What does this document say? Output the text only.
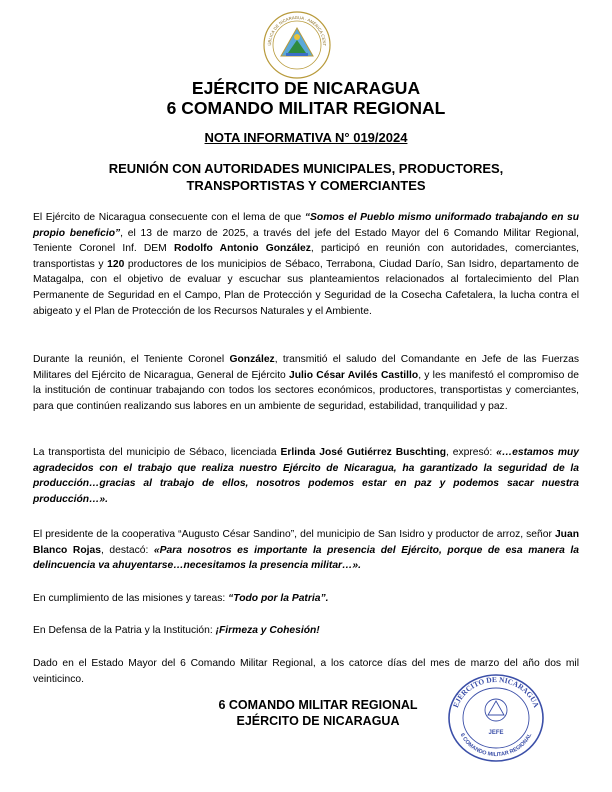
ÚBLICA DE NICARAGUA · AMÉRICA CENT
EJÉRCITO DE NICARAGUA
6 COMANDO MILITAR REGIONAL
NOTA INFORMATIVA N° 019/2024
REUNIÓN CON AUTORIDADES MUNICIPALES, PRODUCTORES, TRANSPORTISTAS Y COMERCIANTES
El Ejército de Nicaragua consecuente con el lema de que “Somos el Pueblo mismo uniformado trabajando en su propio beneficio”, el 13 de marzo de 2025, a través del jefe del Estado Mayor del 6 Comando Militar Regional, Teniente Coronel Inf. DEM Rodolfo Antonio González, participó en reunión con autoridades, comerciantes, transportistas y 120 productores de los municipios de Sébaco, Terrabona, Ciudad Darío, San Isidro, departamento de Matagalpa, con el objetivo de evaluar y escuchar sus planteamientos relacionados al fortalecimiento del Plan Permanente de Seguridad en el Campo, Plan de Protección y Seguridad de la Cosecha Cafetalera, la lucha contra el abigeato y el Plan de Protección de los Recursos Naturales y el Ambiente.
Durante la reunión, el Teniente Coronel González, transmitió el saludo del Comandante en Jefe de las Fuerzas Militares del Ejército de Nicaragua, General de Ejército Julio César Avilés Castillo, y les manifestó el compromiso de la institución de continuar trabajando con todos los sectores económicos, productores, transportistas y comerciantes, para que continúen realizando sus labores en un ambiente de seguridad, estabilidad, tranquilidad y paz.
La transportista del municipio de Sébaco, licenciada Erlinda José Gutiérrez Buschting, expresó: «…estamos muy agradecidos con el trabajo que realiza nuestro Ejército de Nicaragua, ha garantizado la seguridad de la producción…gracias al trabajo de ellos, nosotros podemos estar en paz y podemos sacar nuestra producción…».
El presidente de la cooperativa “Augusto César Sandino”, del municipio de San Isidro y productor de arroz, señor Juan Blanco Rojas, destacó: «Para nosotros es importante la presencia del Ejército, porque de esa manera la delincuencia va ahuyentarse…necesitamos la presencia militar…».
En cumplimiento de las misiones y tareas: “Todo por la Patria”.
En Defensa de la Patria y la Institución: ¡Firmeza y Cohesión!
Dado en el Estado Mayor del 6 Comando Militar Regional, a los catorce días del mes de marzo del año dos mil veinticinco.
6 COMANDO MILITAR REGIONAL
EJÉRCITO DE NICARAGUA
EJÉRCITO DE NICARAGUA
6 COMANDO MILITAR REGIONAL
JEFE
